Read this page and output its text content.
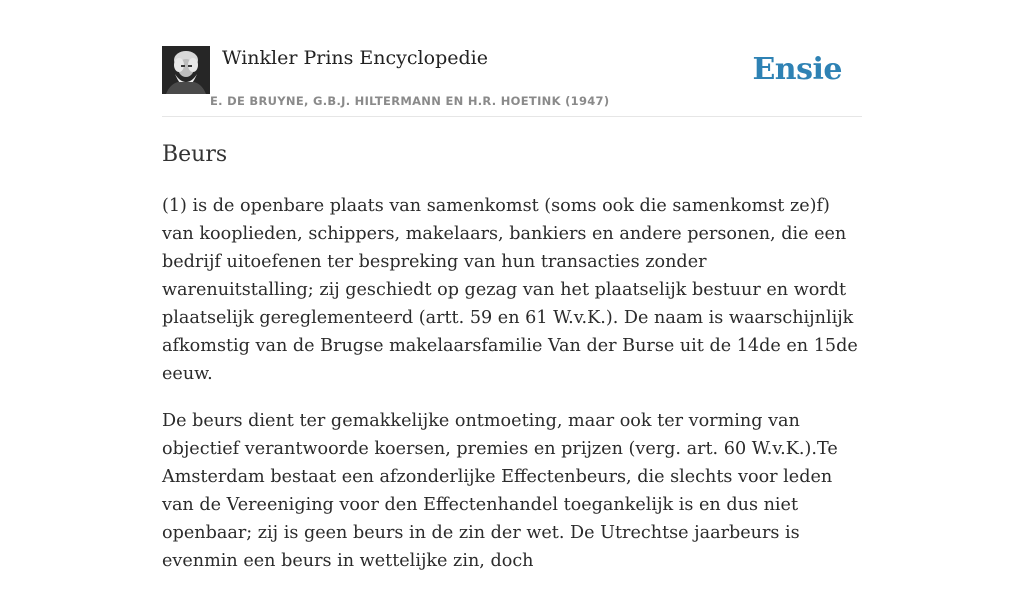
Winkler Prins Encyclopedie
E. DE BRUYNE, G.B.J. HILTERMANN EN H.R. HOETINK (1947)
Ensie
Beurs

(1) is de openbare plaats van samenkomst (soms ook die samenkomst ze)f) van kooplieden, schippers, makelaars, bankiers en andere personen, die een bedrijf uitoefenen ter bespreking van hun transacties zonder warenuitstalling; zij geschiedt op gezag van het plaatselijk bestuur en wordt plaatselijk gereglementeerd (artt. 59 en 61 W.v.K.). De naam is waarschijnlijk afkomstig van de Brugse makelaarsfamilie Van der Burse uit de 14de en 15de eeuw.

De beurs dient ter gemakkelijke ontmoeting, maar ook ter vorming van objectief verantwoorde koersen, premies en prijzen (verg. art. 60 W.v.K.).Te Amsterdam bestaat een afzonderlijke Effectenbeurs, die slechts voor leden van de Vereeniging voor den Effectenhandel toegankelijk is en dus niet openbaar; zij is geen beurs in de zin der wet. De Utrechtse jaarbeurs is evenmin een beurs in wettelijke zin, doch
